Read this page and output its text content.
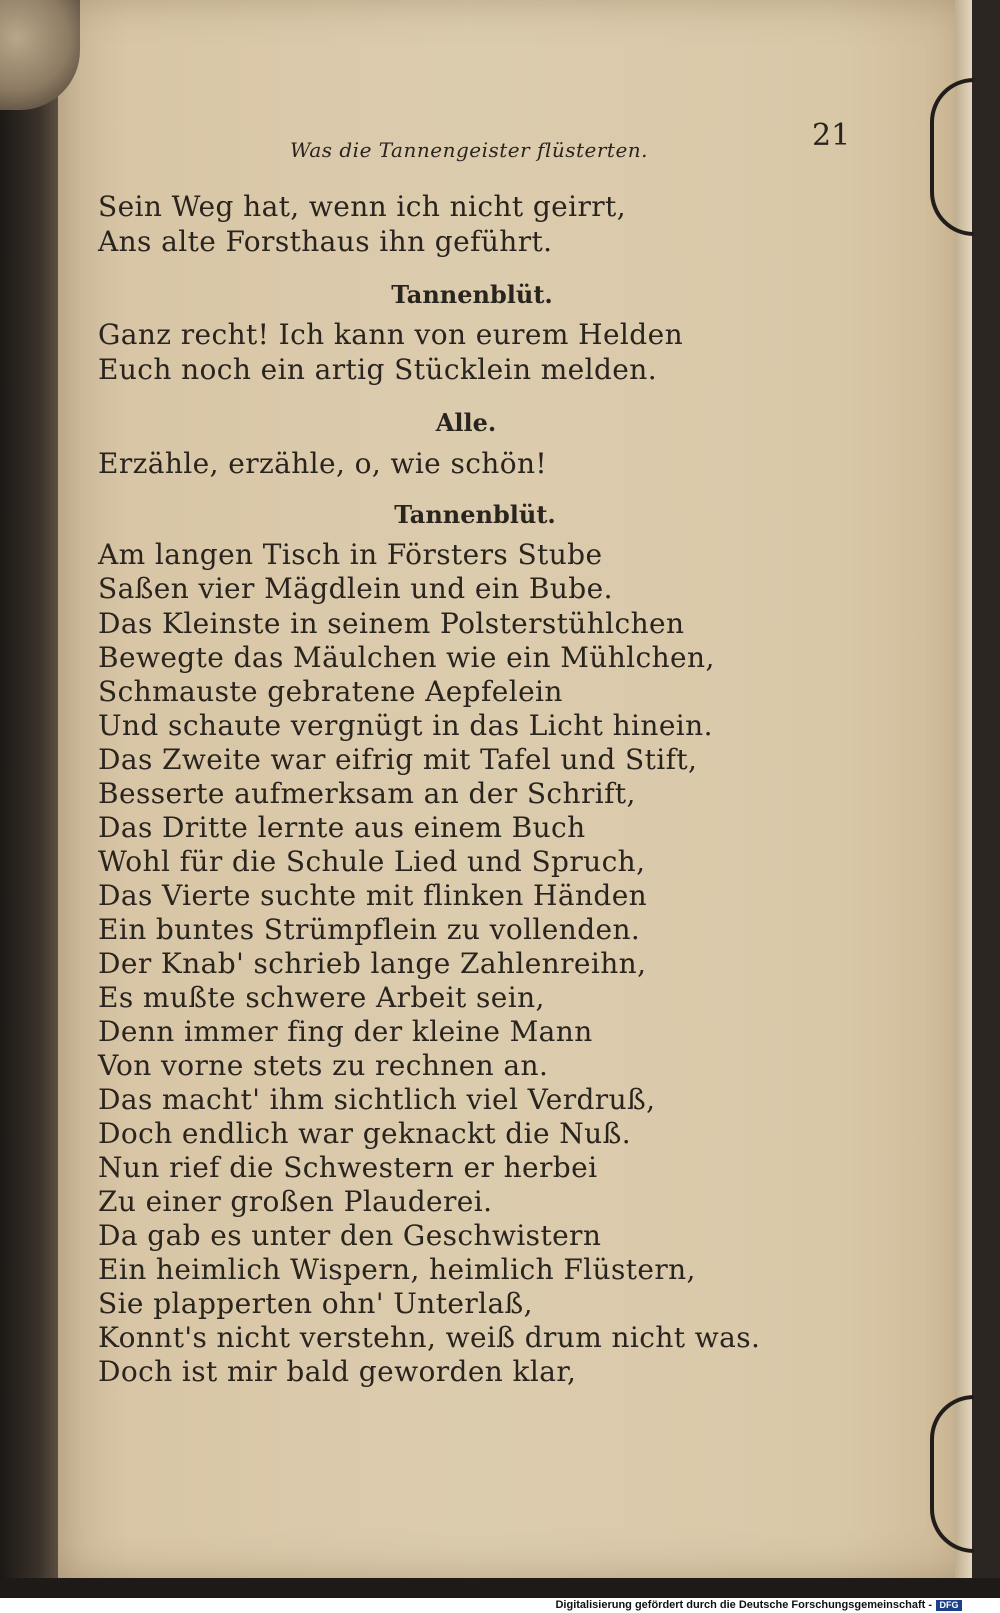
Was die Tannengeister flüsterten.	21
Sein Weg hat, wenn ich nicht geirrt,
Ans alte Forsthaus ihn geführt.
Tannenblüt.
Ganz recht! Ich kann von eurem Helden
Euch noch ein artig Stücklein melden.
Alle.
Erzähle, erzähle, o, wie schön!
Tannenblüt.
Am langen Tisch in Försters Stube
Saßen vier Mägdlein und ein Bube.
Das Kleinste in seinem Polsterstühlchen
Bewegte das Mäulchen wie ein Mühlchen,
Schmauste gebratene Aepfelein
Und schaute vergnügt in das Licht hinein.
Das Zweite war eifrig mit Tafel und Stift,
Besserte aufmerksam an der Schrift,
Das Dritte lernte aus einem Buch
Wohl für die Schule Lied und Spruch,
Das Vierte suchte mit flinken Händen
Ein buntes Strümpflein zu vollenden.
Der Knab' schrieb lange Zahlenreihn,
Es mußte schwere Arbeit sein,
Denn immer fing der kleine Mann
Von vorne stets zu rechnen an.
Das macht' ihm sichtlich viel Verdruß,
Doch endlich war geknackt die Nuß.
Nun rief die Schwestern er herbei
Zu einer großen Plauderei.
Da gab es unter den Geschwistern
Ein heimlich Wispern, heimlich Flüstern,
Sie plapperten ohn' Unterlaß,
Konnt's nicht verstehn, weiß drum nicht was.
Doch ist mir bald geworden klar,
Digitalisierung gefördert durch die Deutsche Forschungsgemeinschaft - DFG
